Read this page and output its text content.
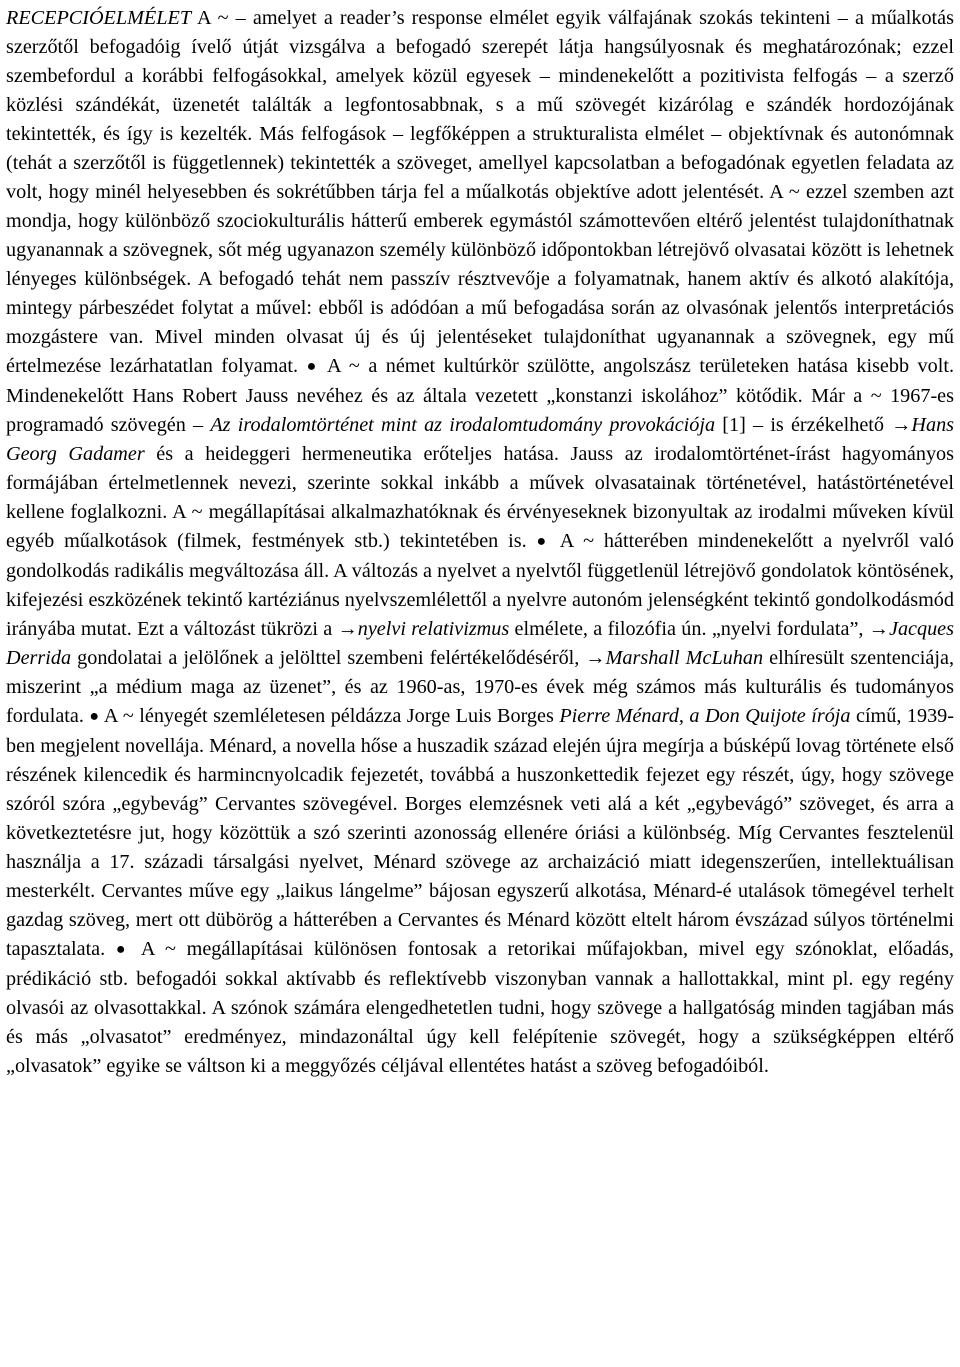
RECEPCIÓELMÉLET A ~ – amelyet a reader’s response elmélet egyik válfajának szokás tekinteni – a műalkotás szerzőtől befogadóig ívelő útját vizsgálva a befogadó szerepét látja hangsúlyosnak és meghatározónak; ezzel szembefordul a korábbi felfogásokkal, amelyek közül egyesek – mindenekelőtt a pozitivista felfogás – a szerző közlési szándékát, üzenetét találták a legfontosabbnak, s a mű szövegét kizárólag e szándék hordozójának tekintették, és így is kezelték. Más felfogások – legfőképpen a strukturalista elmélet – objektívnak és autonómnak (tehát a szerzőtől is függetlennek) tekintették a szöveget, amellyel kapcsolatban a befogadónak egyetlen feladata az volt, hogy minél helyesebben és sokrétűbben tárja fel a műalkotás objektíve adott jelentését. A ~ ezzel szemben azt mondja, hogy különböző szociokulturális hátterű emberek egymástól számottevően eltérő jelentést tulajdoníthatnak ugyanannak a szövegnek, sőt még ugyanazon személy különböző időpontokban létrejövő olvasatai között is lehetnek lényeges különbségek. A befogadó tehát nem passzív résztvevője a folyamatnak, hanem aktív és alkotó alakítója, mintegy párbeszédet folytat a művel: ebből is adódóan a mű befogadása során az olvasónak jelentős interpretációs mozgástere van. Mivel minden olvasat új és új jelentéseket tulajdoníthat ugyanannak a szövegnek, egy mű értelmezése lezárhatatlan folyamat. ● A ~ a német kultúrkör szülötte, angolszász területeken hatása kisebb volt. Mindenekelőtt Hans Robert Jauss nevéhez és az általa vezetett „konstanzi iskolához” kötődik. Már a ~ 1967-es programadó szövegén – Az irodalomtörténet mint az irodalomtudomány provokációja [1] – is érzékelhető →Hans Georg Gadamer és a heideggeri hermeneutika erőteljes hatása. Jauss az irodalomtörténet-írást hagyományos formájában értelmetlennek nevezi, szerinte sokkal inkább a művek olvasatainak történetével, hatástörténetével kellene foglalkozni. A ~ megállapításai alkalmazhatóknak és érvényeseknek bizonyultak az irodalmi műveken kívül egyéb műalkotások (filmek, festmények stb.) tekintetében is. ● A ~ hátterében mindenekelőtt a nyelvről való gondolkodás radikális megváltozása áll. A változás a nyelvet a nyelvtől függetlenül létrejövő gondolatok köntösének, kifejezési eszközének tekintő kartéziánus nyelvszemlélettől a nyelvre autonóm jelenségként tekintő gondolkodásmód irányába mutat. Ezt a változást tükrözi a →nyelvi relativizmus elmélete, a filozófia ún. „nyelvi fordulata”, →Jacques Derrida gondolatai a jelölőnek a jelölttel szembeni felértékelődéséről, →Marshall McLuhan elhíresült szentenciája, miszerint „a médium maga az üzenet”, és az 1960-as, 1970-es évek még számos más kulturális és tudományos fordulata. ● A ~ lényegét szemléletesen példázza Jorge Luis Borges Pierre Ménard, a Don Quijote írója című, 1939-ben megjelent novellája. Ménard, a novella hőse a huszadik század elején újra megírja a búsképű lovag története első részének kilencedik és harmincnyolcadik fejezetét, továbbá a huszonkettedik fejezet egy részét, úgy, hogy szövege szóról szóra „egybevág” Cervantes szövegével. Borges elemzésnek veti alá a két „egybevágó” szöveget, és arra a következtetésre jut, hogy közöttük a szó szerinti azonosság ellenére óriási a különbség. Míg Cervantes fesztelenül használja a 17. századi társalgási nyelvet, Ménard szövege az archaizáció miatt idegenszerűen, intellektuálisan mesterkélt. Cervantes műve egy „laikus lángelme” bájosan egyszerű alkotása, Ménard-é utalások tömegével terhelt gazdag szöveg, mert ott dübörög a hátterében a Cervantes és Ménard között eltelt három évszázad súlyos történelmi tapasztalata. ● A ~ megállapításai különösen fontosak a retorikai műfajokban, mivel egy szónoklat, előadás, prédikáció stb. befogadói sokkal aktívabb és reflektívebb viszonyban vannak a hallottakkal, mint pl. egy regény olvasói az olvasottakkal. A szónok számára elengedhetetlen tudni, hogy szövege a hallgatóság minden tagjában más és más „olvasatot” eredményez, mindazonáltal úgy kell felépítenie szövegét, hogy a szükségképpen eltérő „olvasatok” egyike se váltson ki a meggyőzés céljával ellentétes hatást a szöveg befogadóiból.
